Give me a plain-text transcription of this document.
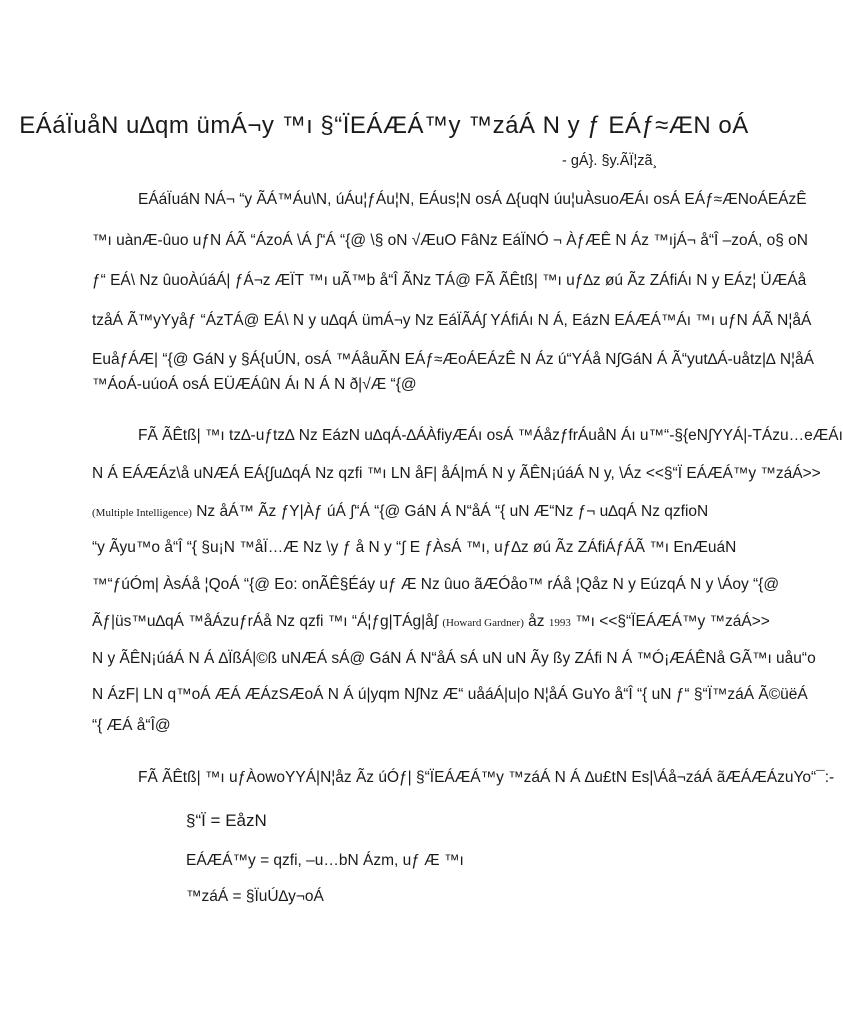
EÁáÏuåN u∆qm ümÁ¬y ™ı §“ÏEÁÆÁ™y ™záÁ N y ƒ EÁƒ≈ÆN oÁ
- gÁ}. §y.ÃÏ¦zã¸
EÁáÏuáN NÁ¬ “y ÃÁ™Áu\N, úÁu¦ƒÁu¦N, EÁus¦N osÁ ∆{uqN úu¦uÀsuoÆÁı osÁ EÁƒ≈ÆNoÁEÁzÊ
™ı uànÆ-ûuo uƒN ÁÃ “ÁzoÁ \Á ∫“Á “{@ \§ oN √ÆuO FâNz EáÏNÓ ¬ ÀƒÆÊ N Áz ™ıjÁ¬ å“Î –zoÁ, o§ oN
ƒ“ EÁ\ Nz ûuoÀúáÁ| ƒÁ¬z ÆÏT ™ı uÃ™b å“Î ÃNz TÁ@ FÃ ÃÊtß| ™ı uƒ∆z øú Ãz ZÁfiÁı N y EÁz¦ ÜÆÁå
tzåÁ Ã™yYyåƒ “ÁzTÁ@ EÁ\ N y u∆qÁ ümÁ¬y Nz EáÏÃÁ∫ YÁfiÁı N Á, EázN EÁÆÁ™Áı ™ı uƒN ÁÃ N¦åÁ
EuåƒÁÆ| “{@ GáN y §Á{uÚN, osÁ ™ÁåuÃN EÁƒ≈ÆoÁEÁzÊ N Áz ú“YÁå N∫GáN Á Ã“yut∆Á-uåtz|∆ N¦åÁ
™ÁoÁ-uúoÁ osÁ EÜÆÁûN Áı N Á N ð|√Æ “{@
FÃ ÃÊtß| ™ı tz∆-uƒtz∆ Nz EázN u∆qÁ-∆ÁÀfiyÆÁı osÁ ™ÁåzƒfrÁuåN Áı u™“-§{eN∫YYÁ|-TÁzu…eÆÁı
N Á EÁÆÁz\å uNÆÁ EÁ{∫u∆qÁ Nz qzfi ™ı LN åF| åÁ|mÁ N y ÃÊN¡úáÁ N y, \Áz <<§“Ï EÁÆÁ™y ™záÁ>>
(Multiple Intelligence) Nz åÁ™ Ãz ƒY|Àƒ úÁ ∫“Á “{@ GáN Á N“åÁ “{ uN Æ“Nz ƒ¬ u∆qÁ Nz qzfioN
“y Ãyu™o å“Î “{ §u¡N ™åÏ…Æ Nz \y ƒ å N y “∫ E ƒÀsÁ ™ı, uƒ∆z øú Ãz ZÁfiÁƒÁÃ ™ı EnÆuáN
™“ƒúÓm| ÀsÁå ¦QoÁ “{@ Eo: onÃÊ§Éáy uƒ Æ Nz ûuo ãÆÓåo™ rÁå ¦Qåz N y EúzqÁ N y \Áoy “{@
Ãƒ|üs™u∆qÁ ™åÁzuƒrÁå Nz qzfi ™ı “Á¦ƒg|TÁg|å∫ (Howard Gardner) åz 1993 ™ı <<§“ÏEÁÆÁ™y ™záÁ>>
N y ÃÊN¡úáÁ N Á ∆ÏßÁ|©ß uNÆÁ sÁ@ GáN Á N“åÁ sÁ uN uN Ãy ßy ZÁfi N Á ™Ó¡ÆÁÊNå GÃ™ı uåu“o
N ÁzF| LN q™oÁ ÆÁ ÆÁzSÆoÁ N Á ú|yqm N∫Nz Æ“ uåáÁ|u|o N¦åÁ GuYo å“Î “{ uN ƒ“ §“Ï™záÁ Ã©üëÁ
“{ ÆÁ å“Î@
FÃ ÃÊtß| ™ı uƒÀowoYYÁ|N¦åz Ãz úÓƒ| §“ÏEÁÆÁ™y ™záÁ N Á ∆u£tN Es|\Áå¬záÁ ãÆÁÆÁzuYo“¯:-
§“Ï = EåzN
EÁÆÁ™y = qzfi, –u…bN Ázm, uƒ Æ ™ı
™záÁ = §ÏuÚ∆y¬oÁ
